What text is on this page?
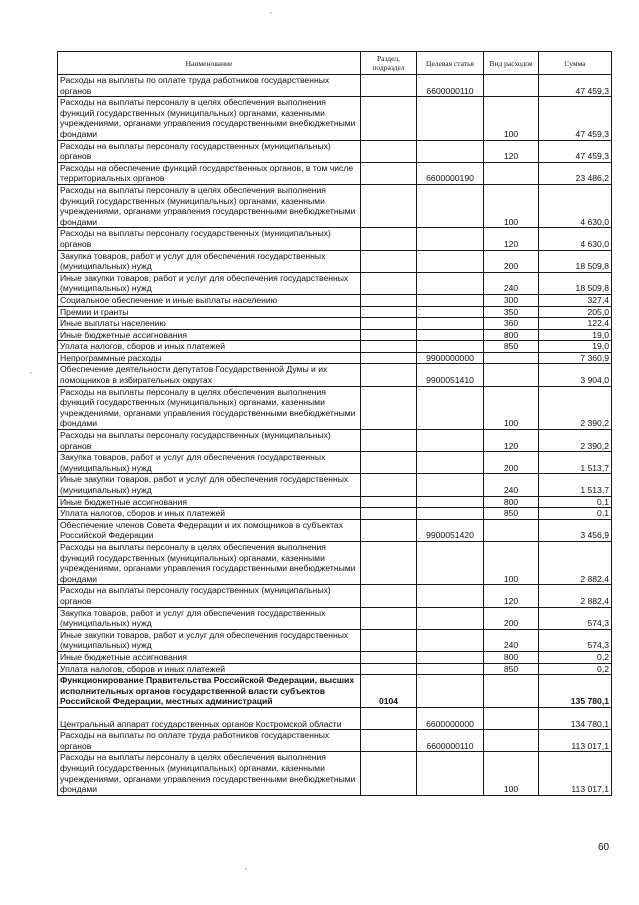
Наименование	Раздел, подраздел	Целевая статья	Вид расходов	Сумма
Расходы на выплаты по оплате труда работников государственных органов		6600000110		47 459,3
Расходы на выплаты персоналу в целях обеспечения выполнения функций государственных (муниципальных) органами, казенными учреждениями, органами управления государственными внебюджетными фондами			100	47 459,3
Расходы на выплаты персоналу государственных (муниципальных) органов			120	47 459,3
Расходы на обеспечение функций государственных органов, в том числе территориальных органов		6600000190		23 486,2
Расходы на выплаты персоналу в целях обеспечения выполнения функций государственных (муниципальных) органами, казенными учреждениями, органами управления государственными внебюджетными фондами			100	4 630,0
Расходы на выплаты персоналу государственных (муниципальных) органов			120	4 630,0
Закупка товаров, работ и услуг для обеспечения государственных (муниципальных) нужд			200	18 509,8
Иные закупки товаров, работ и услуг для обеспечения государственных (муниципальных) нужд			240	18 509,8
Социальное обеспечение и иные выплаты населению			300	327,4
Премии и гранты			350	205,0
Иные выплаты населению			360	122,4
Иные бюджетные ассигнования			800	19,0
Уплата налогов, сборов и иных платежей			850	19,0
Непрограммные расходы		9900000000		7 360,9
Обеспечение деятельности депутатов Государственной Думы и их помощников в избирательных округах		9900051410		3 904,0
Расходы на выплаты персоналу в целях обеспечения выполнения функций государственных (муниципальных) органами, казенными учреждениями, органами управления государственными внебюджетными фондами			100	2 390,2
Расходы на выплаты персоналу государственных (муниципальных) органов			120	2 390,2
Закупка товаров, работ и услуг для обеспечения государственных (муниципальных) нужд			200	1 513,7
Иные закупки товаров, работ и услуг для обеспечения государственных (муниципальных) нужд			240	1 513,7
Иные бюджетные ассигнования			800	0,1
Уплата налогов, сборов и иных платежей			850	0,1
Обеспечение членов Совета Федерации и их помощников в субъектах Российской Федерации		9900051420		3 456,9
Расходы на выплаты персоналу в целях обеспечения выполнения функций государственных (муниципальных) органами, казенными учреждениями, органами управления государственными внебюджетными фондами			100	2 882,4
Расходы на выплаты персоналу государственных (муниципальных) органов			120	2 882,4
Закупка товаров, работ и услуг для обеспечения государственных (муниципальных) нужд			200	574,3
Иные закупки товаров, работ и услуг для обеспечения государственных (муниципальных) нужд			240	574,3
Иные бюджетные ассигнования			800	0,2
Уплата налогов, сборов и иных платежей			850	0,2
Функционирование Правительства Российской Федерации, высших исполнительных органов государственной власти субъектов Российской Федерации, местных администраций	0104			135 780,1
Центральный аппарат государственных органов Костромской области		6600000000		134 780,1
Расходы на выплаты по оплате труда работников государственных органов		6600000110		113 017,1
Расходы на выплаты персоналу в целях обеспечения выполнения функций государственных (муниципальных) органами, казенными учреждениями, органами управления государственными внебюджетными фондами			100	113 017,1
60
